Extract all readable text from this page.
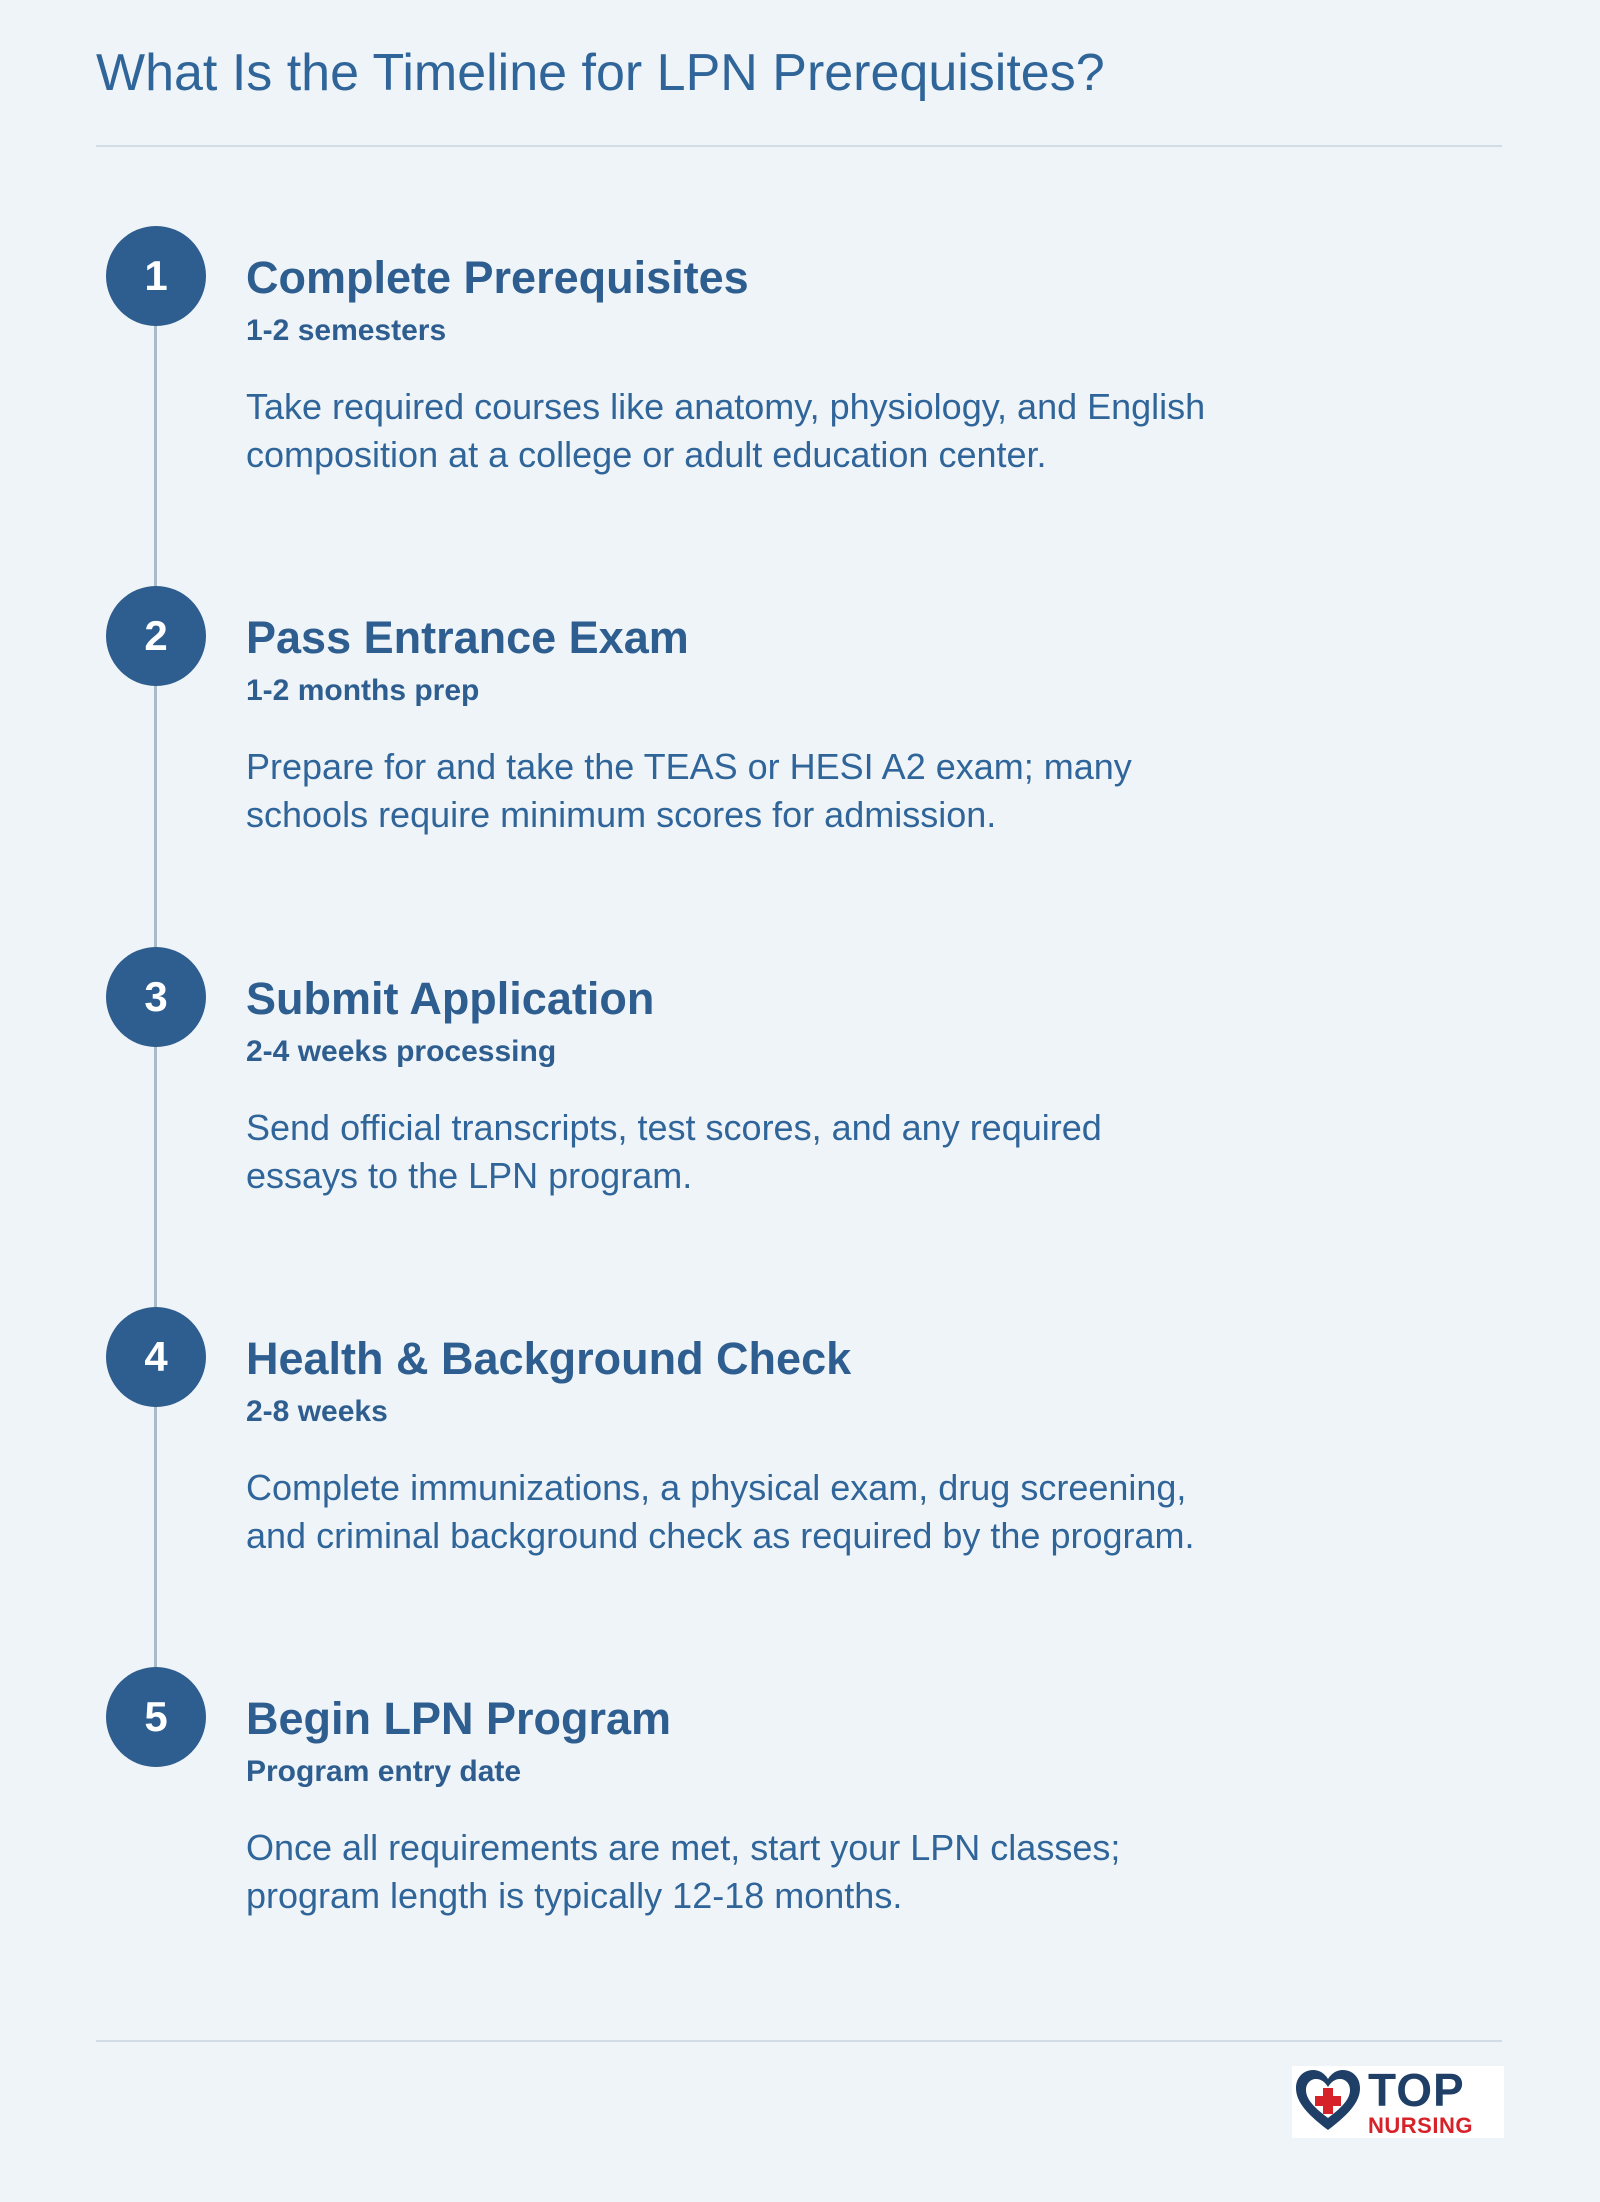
What Is the Timeline for LPN Prerequisites?
1	Complete Prerequisites

1-2 semesters

Take required courses like anatomy, physiology, and English composition at a college or adult education center.

2	Pass Entrance Exam

1-2 months prep

Prepare for and take the TEAS or HESI A2 exam; many schools require minimum scores for admission.

3	Submit Application

2-4 weeks processing

Send official transcripts, test scores, and any required essays to the LPN program.

4	Health & Background Check

2-8 weeks

Complete immunizations, a physical exam, drug screening, and criminal background check as required by the program.

5	Begin LPN Program

Program entry date

Once all requirements are met, start your LPN classes; program length is typically 12-18 months.

TOP
NURSING
